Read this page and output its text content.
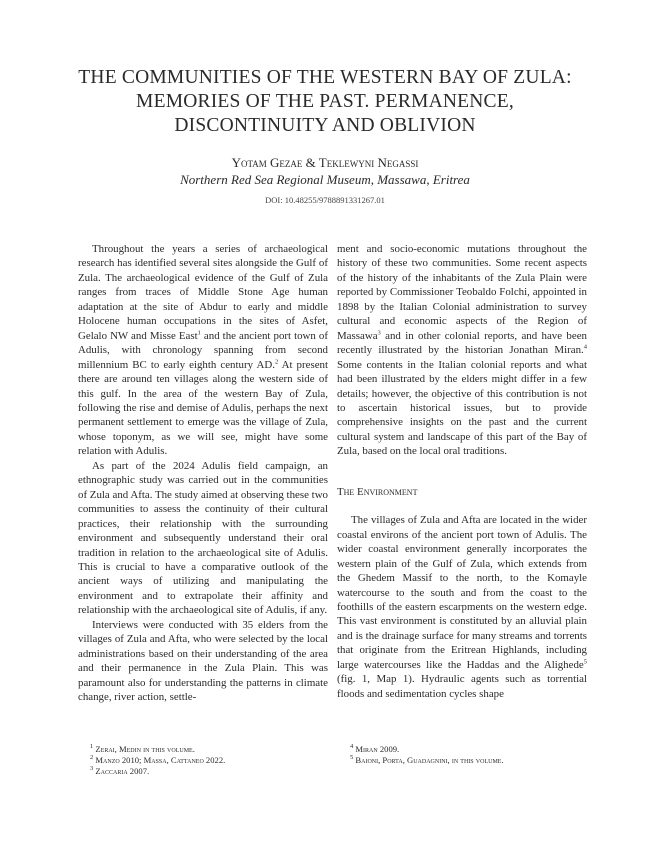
THE COMMUNITIES OF THE WESTERN BAY OF ZULA:
MEMORIES OF THE PAST. PERMANENCE,
DISCONTINUITY AND OBLIVION
Yotam Gezae & Teklewyni Negassi
Northern Red Sea Regional Museum, Massawa, Eritrea
DOI: 10.48255/9788891331267.01

Throughout the years a series of archaeological research has identified several sites alongside the Gulf of Zula. The archaeological evidence of the Gulf of Zula ranges from traces of Middle Stone Age human adaptation at the site of Abdur to early and middle Holocene human occupations in the sites of Asfet, Gelalo NW and Misse East$^1$ and the ancient port town of Adulis, with chronology spanning from second millennium BC to early eighth century AD.$^2$ At present there are around ten villages along the western side of this gulf. In the area of the western Bay of Zula, following the rise and demise of Adulis, perhaps the next permanent settlement to emerge was the village of Zula, whose toponym, as we will see, might have some relation with Adulis.

As part of the 2024 Adulis field campaign, an ethnographic study was carried out in the communities of Zula and Afta. The study aimed at observing these two communities to assess the continuity of their cultural practices, their relationship with the surrounding environment and subsequently understand their oral tradition in relation to the archaeological site of Adulis. This is crucial to have a comparative outlook of the ancient ways of utilizing and manipulating the environment and to extrapolate their affinity and relationship with the archaeological site of Adulis, if any.

Interviews were conducted with 35 elders from the villages of Zula and Afta, who were selected by the local administrations based on their understanding of the area and their permanence in the Zula Plain. This was paramount also for understanding the patterns in climate change, river action, settle-

ment and socio-economic mutations throughout the history of these two communities. Some recent aspects of the history of the inhabitants of the Zula Plain were reported by Commissioner Teobaldo Folchi, appointed in 1898 by the Italian Colonial administration to survey cultural and economic aspects of the Region of Massawa$^3$ and in other colonial reports, and have been recently illustrated by the historian Jonathan Miran.$^4$ Some contents in the Italian colonial reports and what had been illustrated by the elders might differ in a few details; however, the objective of this contribution is not to ascertain historical issues, but to provide comprehensive insights on the past and the current cultural system and landscape of this part of the Bay of Zula, based on the local oral traditions.

The Environment

The villages of Zula and Afta are located in the wider coastal environs of the ancient port town of Adulis. The wider coastal environment generally incorporates the western plain of the Gulf of Zula, which extends from the Ghedem Massif to the north, to the Komayle watercourse to the south and from the coast to the foothills of the eastern escarpments on the western edge. This vast environment is constituted by an alluvial plain and is the drainage surface for many streams and torrents that originate from the Eritrean Highlands, including large watercourses like the Haddas and the Alighede$^5$ (fig. 1, Map 1). Hydraulic agents such as torrential floods and sedimentation cycles shape

$^1$ Zerai, Medin in this volume.
$^2$ Manzo 2010; Massa, Cattaneo 2022.
$^3$ Zaccaria 2007.
$^4$ Miran 2009.
$^5$ Baioni, Porta, Guadagnini, in this volume.
